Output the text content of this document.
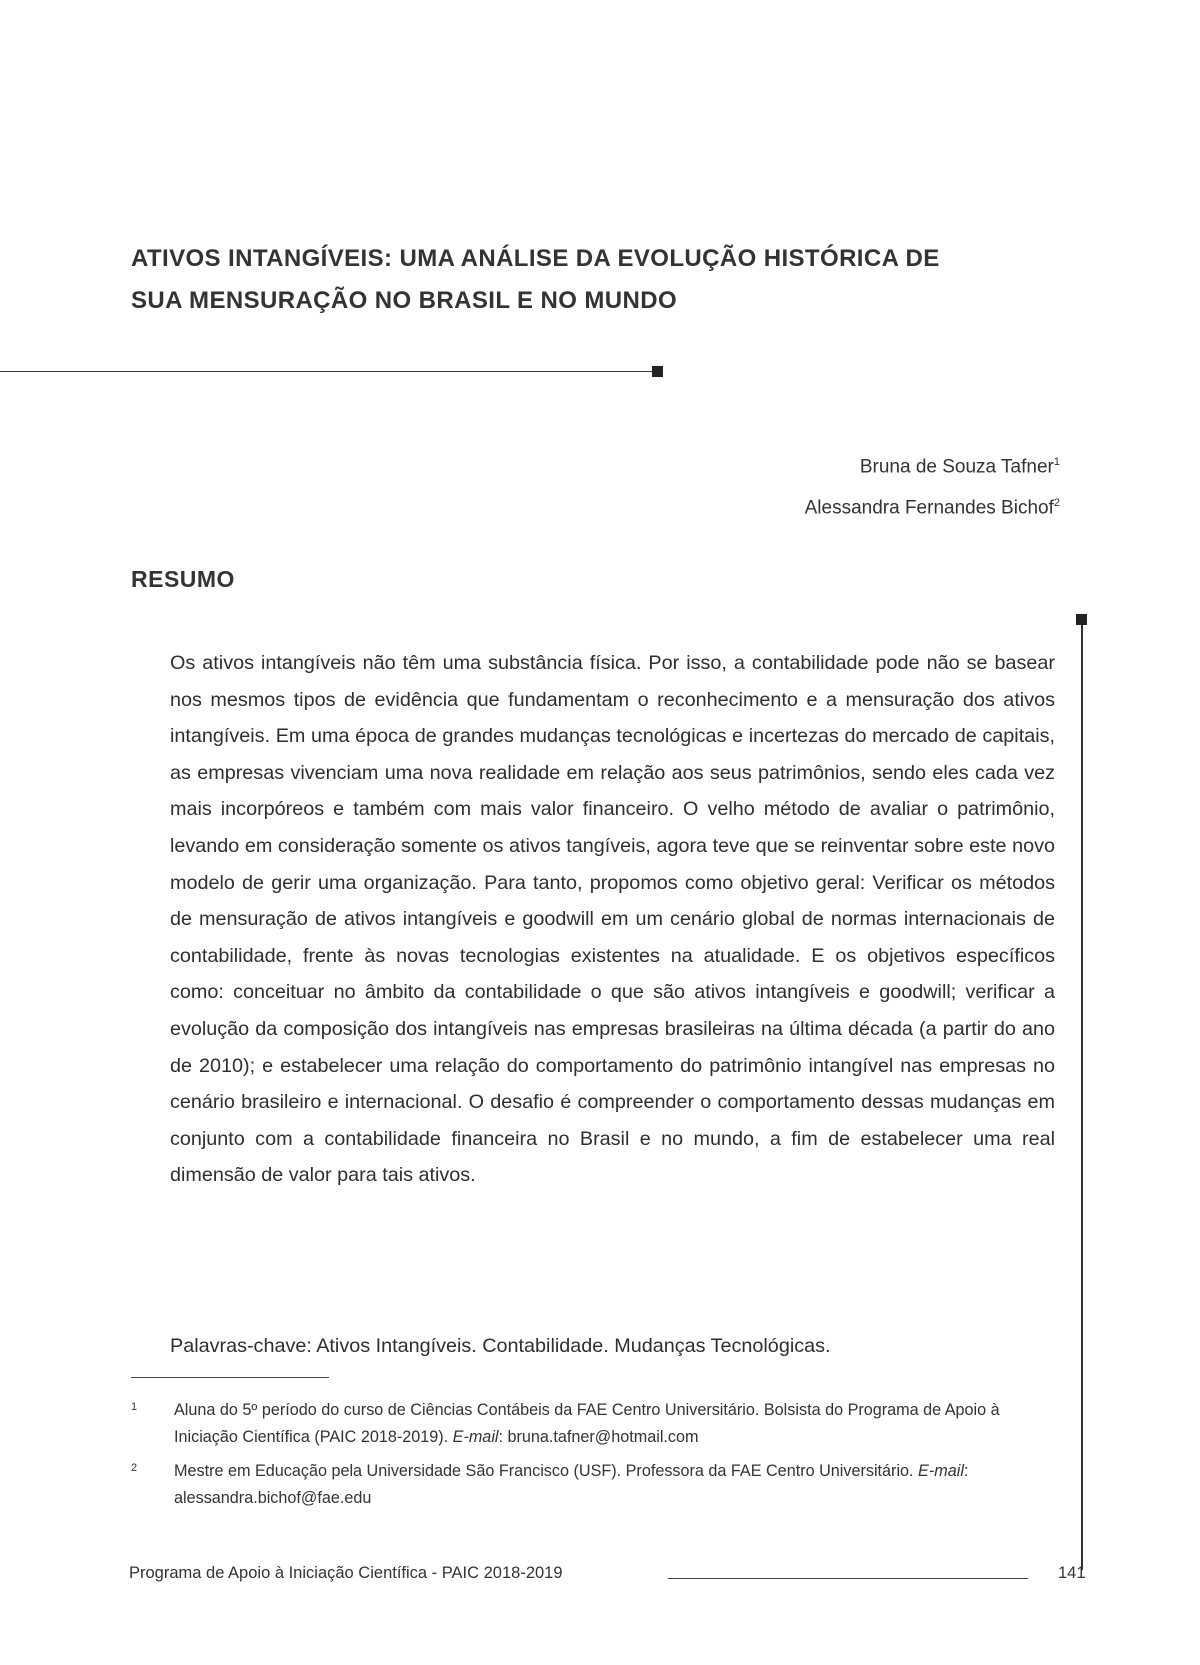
ATIVOS INTANGÍVEIS: UMA ANÁLISE DA EVOLUÇÃO HISTÓRICA DE
SUA MENSURAÇÃO NO BRASIL E NO MUNDO
Bruna de Souza Tafner$^1$
Alessandra Fernandes Bichof$^2$
RESUMO

Os ativos intangíveis não têm uma substância física. Por isso, a contabilidade pode não se basear nos mesmos tipos de evidência que fundamentam o reconhecimento e a mensuração dos ativos intangíveis. Em uma época de grandes mudanças tecnológicas e incertezas do mercado de capitais, as empresas vivenciam uma nova realidade em relação aos seus patrimônios, sendo eles cada vez mais incorpóreos e também com mais valor financeiro. O velho método de avaliar o patrimônio, levando em consideração somente os ativos tangíveis, agora teve que se reinventar sobre este novo modelo de gerir uma organização. Para tanto, propomos como objetivo geral: Verificar os métodos de mensuração de ativos intangíveis e goodwill em um cenário global de normas internacionais de contabilidade, frente às novas tecnologias existentes na atualidade. E os objetivos específicos como: conceituar no âmbito da contabilidade o que são ativos intangíveis e goodwill; verificar a evolução da composição dos intangíveis nas empresas brasileiras na última década (a partir do ano de 2010); e estabelecer uma relação do comportamento do patrimônio intangível nas empresas no cenário brasileiro e internacional. O desafio é compreender o comportamento dessas mudanças em conjunto com a contabilidade financeira no Brasil e no mundo, a fim de estabelecer uma real dimensão de valor para tais ativos.

Palavras-chave: Ativos Intangíveis. Contabilidade. Mudanças Tecnológicas.

1 Aluna do 5º período do curso de Ciências Contábeis da FAE Centro Universitário. Bolsista do Programa de Apoio à Iniciação Científica (PAIC 2018-2019). E-mail: bruna.tafner@hotmail.com
2 Mestre em Educação pela Universidade São Francisco (USF). Professora da FAE Centro Universitário. E-mail: alessandra.bichof@fae.edu
Programa de Apoio à Iniciação Científica - PAIC 2018-2019	141
